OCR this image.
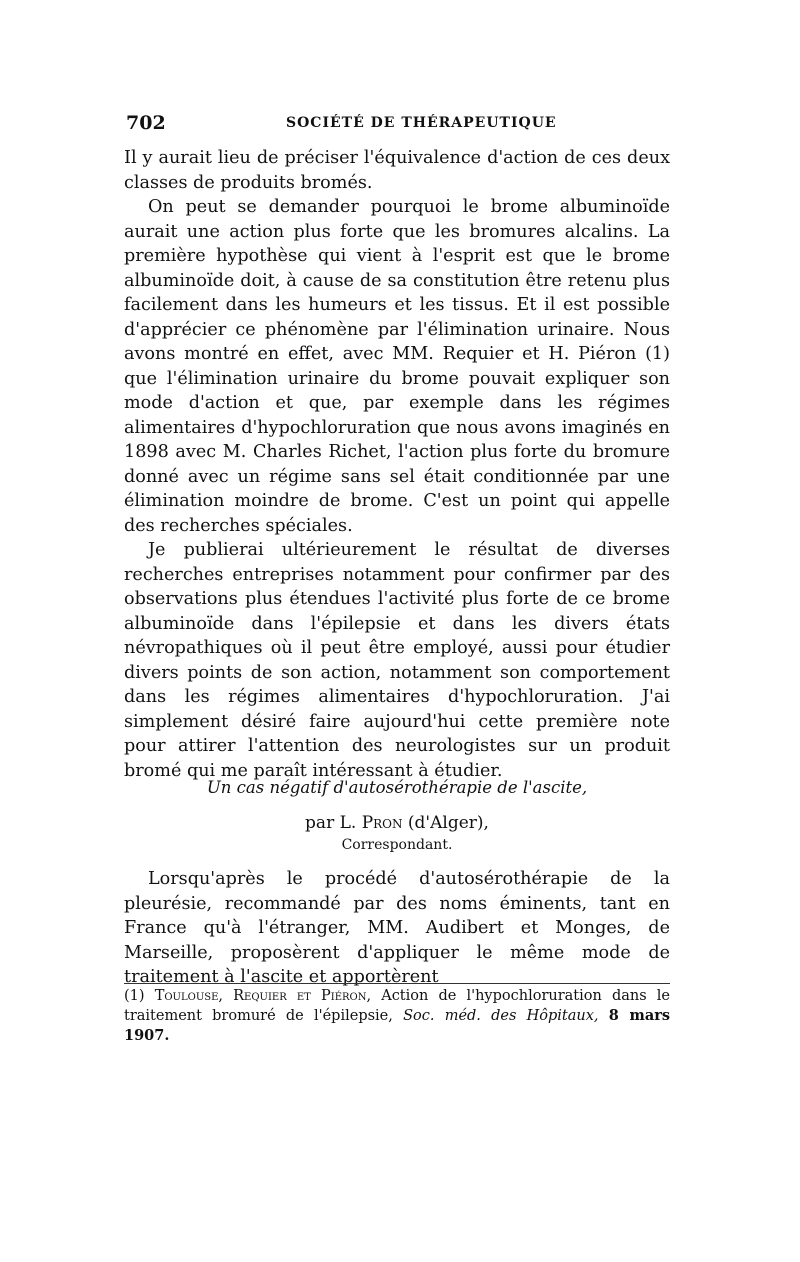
702	SOCIÉTÉ DE THÉRAPEUTIQUE

Il y aurait lieu de préciser l'équivalence d'action de ces deux classes de produits bromés.

On peut se demander pourquoi le brome albuminoïde aurait une action plus forte que les bromures alcalins. La première hypothèse qui vient à l'esprit est que le brome albuminoïde doit, à cause de sa constitution être retenu plus facilement dans les humeurs et les tissus. Et il est possible d'apprécier ce phénomène par l'élimination urinaire. Nous avons montré en effet, avec MM. Requier et H. Piéron (1) que l'élimination urinaire du brome pouvait expliquer son mode d'action et que, par exemple dans les régimes alimentaires d'hypochloruration que nous avons imaginés en 1898 avec M. Charles Richet, l'action plus forte du bromure donné avec un régime sans sel était conditionnée par une élimination moindre de brome. C'est un point qui appelle des recherches spéciales.

Je publierai ultérieurement le résultat de diverses recherches entreprises notamment pour confirmer par des observations plus étendues l'activité plus forte de ce brome albuminoïde dans l'épilepsie et dans les divers états névropathiques où il peut être employé, aussi pour étudier divers points de son action, notamment son comportement dans les régimes alimentaires d'hypochloruration. J'ai simplement désiré faire aujourd'hui cette première note pour attirer l'attention des neurologistes sur un produit bromé qui me paraît intéressant à étudier.

Un cas négatif d'autosérothérapie de l'ascite,
par L. Pron (d'Alger),
Correspondant.

Lorsqu'après le procédé d'autosérothérapie de la pleurésie, recommandé par des noms éminents, tant en France qu'à l'étranger, MM. Audibert et Monges, de Marseille, proposèrent d'appliquer le même mode de traitement à l'ascite et apportèrent

(1) Toulouse, Requier et Piéron, Action de l'hypochloruration dans le traitement bromuré de l'épilepsie, Soc. méd. des Hôpitaux, 8 mars 1907.
